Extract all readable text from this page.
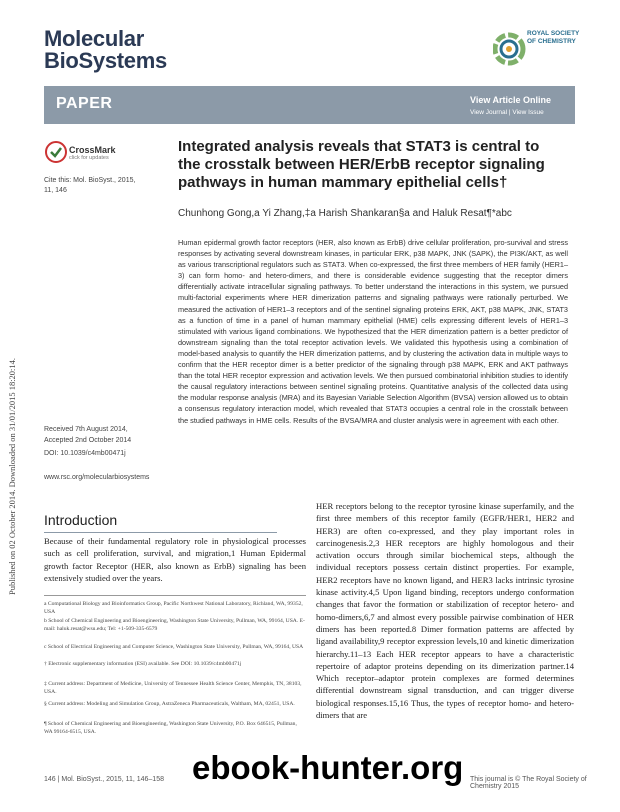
Published on 02 October 2014. Downloaded on 31/01/2015 18:20:14.
Molecular
BioSystems
ROYAL SOCIETY
OF CHEMISTRY
PAPER	View Article Online
View Journal | View Issue
CrossMark
click for updates
Cite this: Mol. BioSyst., 2015,
11, 146
Integrated analysis reveals that STAT3 is central to the crosstalk between HER/ErbB receptor signaling pathways in human mammary epithelial cells†
Chunhong Gong,a Yi Zhang,‡a Harish Shankaran§a and Haluk Resat¶*abc
Human epidermal growth factor receptors (HER, also known as ErbB) drive cellular proliferation, pro-survival and stress responses by activating several downstream kinases, in particular ERK, p38 MAPK, JNK (SAPK), the PI3K/AKT, as well as various transcriptional regulators such as STAT3. When co-expressed, the first three members of HER family (HER1–3) can form homo- and hetero-dimers, and there is considerable evidence suggesting that the receptor dimers differentially activate intracellular signaling pathways. To better understand the interactions in this system, we pursued multi-factorial experiments where HER dimerization patterns and signaling pathways were rationally perturbed. We measured the activation of HER1–3 receptors and of the sentinel signaling proteins ERK, AKT, p38 MAPK, JNK, STAT3 as a function of time in a panel of human mammary epithelial (HME) cells expressing different levels of HER1–3 stimulated with various ligand combinations. We hypothesized that the HER dimerization pattern is a better predictor of downstream signaling than the total receptor activation levels. We validated this hypothesis using a combination of model-based analysis to quantify the HER dimerization patterns, and by clustering the activation data in multiple ways to confirm that the HER receptor dimer is a better predictor of the signaling through p38 MAPK, ERK and AKT pathways than the total HER receptor expression and activation levels. We then pursued combinatorial inhibition studies to identify the causal regulatory interactions between sentinel signaling proteins. Quantitative analysis of the collected data using the modular response analysis (MRA) and its Bayesian Variable Selection Algorithm (BVSA) version allowed us to obtain a consensus regulatory interaction model, which revealed that STAT3 occupies a central role in the crosstalk between the studied pathways in HME cells. Results of the BVSA/MRA and cluster analysis were in agreement with each other.
Received 7th August 2014,
Accepted 2nd October 2014
DOI: 10.1039/c4mb00471j
www.rsc.org/molecularbiosystems
Introduction
Because of their fundamental regulatory role in physiological processes such as cell proliferation, survival, and migration,1 Human Epidermal growth factor Receptor (HER, also known as ErbB) signaling has been extensively studied over the years.
a Computational Biology and Bioinformatics Group, Pacific Northwest National Laboratory, Richland, WA, 99352, USA
b School of Chemical Engineering and Bioengineering, Washington State University, Pullman, WA, 99164, USA. E-mail: haluk.resat@wsu.edu; Tel: +1-509-335-6579
c School of Electrical Engineering and Computer Science, Washington State University, Pullman, WA, 99164, USA
† Electronic supplementary information (ESI) available. See DOI: 10.1039/c4mb00471j
‡ Current address: Department of Medicine, University of Tennessee Health Science Center, Memphis, TN, 38103, USA.
§ Current address: Modeling and Simulation Group, AstraZeneca Pharmaceuticals, Waltham, MA, 02451, USA.
¶ School of Chemical Engineering and Bioengineering, Washington State University, P.O. Box 646515, Pullman, WA 99164-6515, USA.
HER receptors belong to the receptor tyrosine kinase superfamily, and the first three members of this receptor family (EGFR/HER1, HER2 and HER3) are often co-expressed, and they play important roles in carcinogenesis.2,3 HER receptors are highly homologous and their activation occurs through similar biochemical steps, although the individual receptors possess certain distinct properties. For example, HER2 receptors have no known ligand, and HER3 lacks intrinsic tyrosine kinase activity.4,5 Upon ligand binding, receptors undergo conformation changes that favor the formation or stabilization of receptor hetero- and homo-dimers,6,7 and almost every possible pairwise combination of HER dimers has been reported.8 Dimer formation patterns are affected by ligand availability,9 receptor expression levels,10 and kinetic dimerization hierarchy.11–13 Each HER receptor appears to have a characteristic repertoire of adaptor proteins depending on its dimerization partner.14 Which receptor–adaptor protein complexes are formed determines differential downstream signal transduction, and can trigger diverse biological responses.15,16 Thus, the types of receptor homo- and hetero-dimers that are
146 | Mol. BioSyst., 2015, 11, 146–158	This journal is © The Royal Society of Chemistry 2015
ebook-hunter.org
